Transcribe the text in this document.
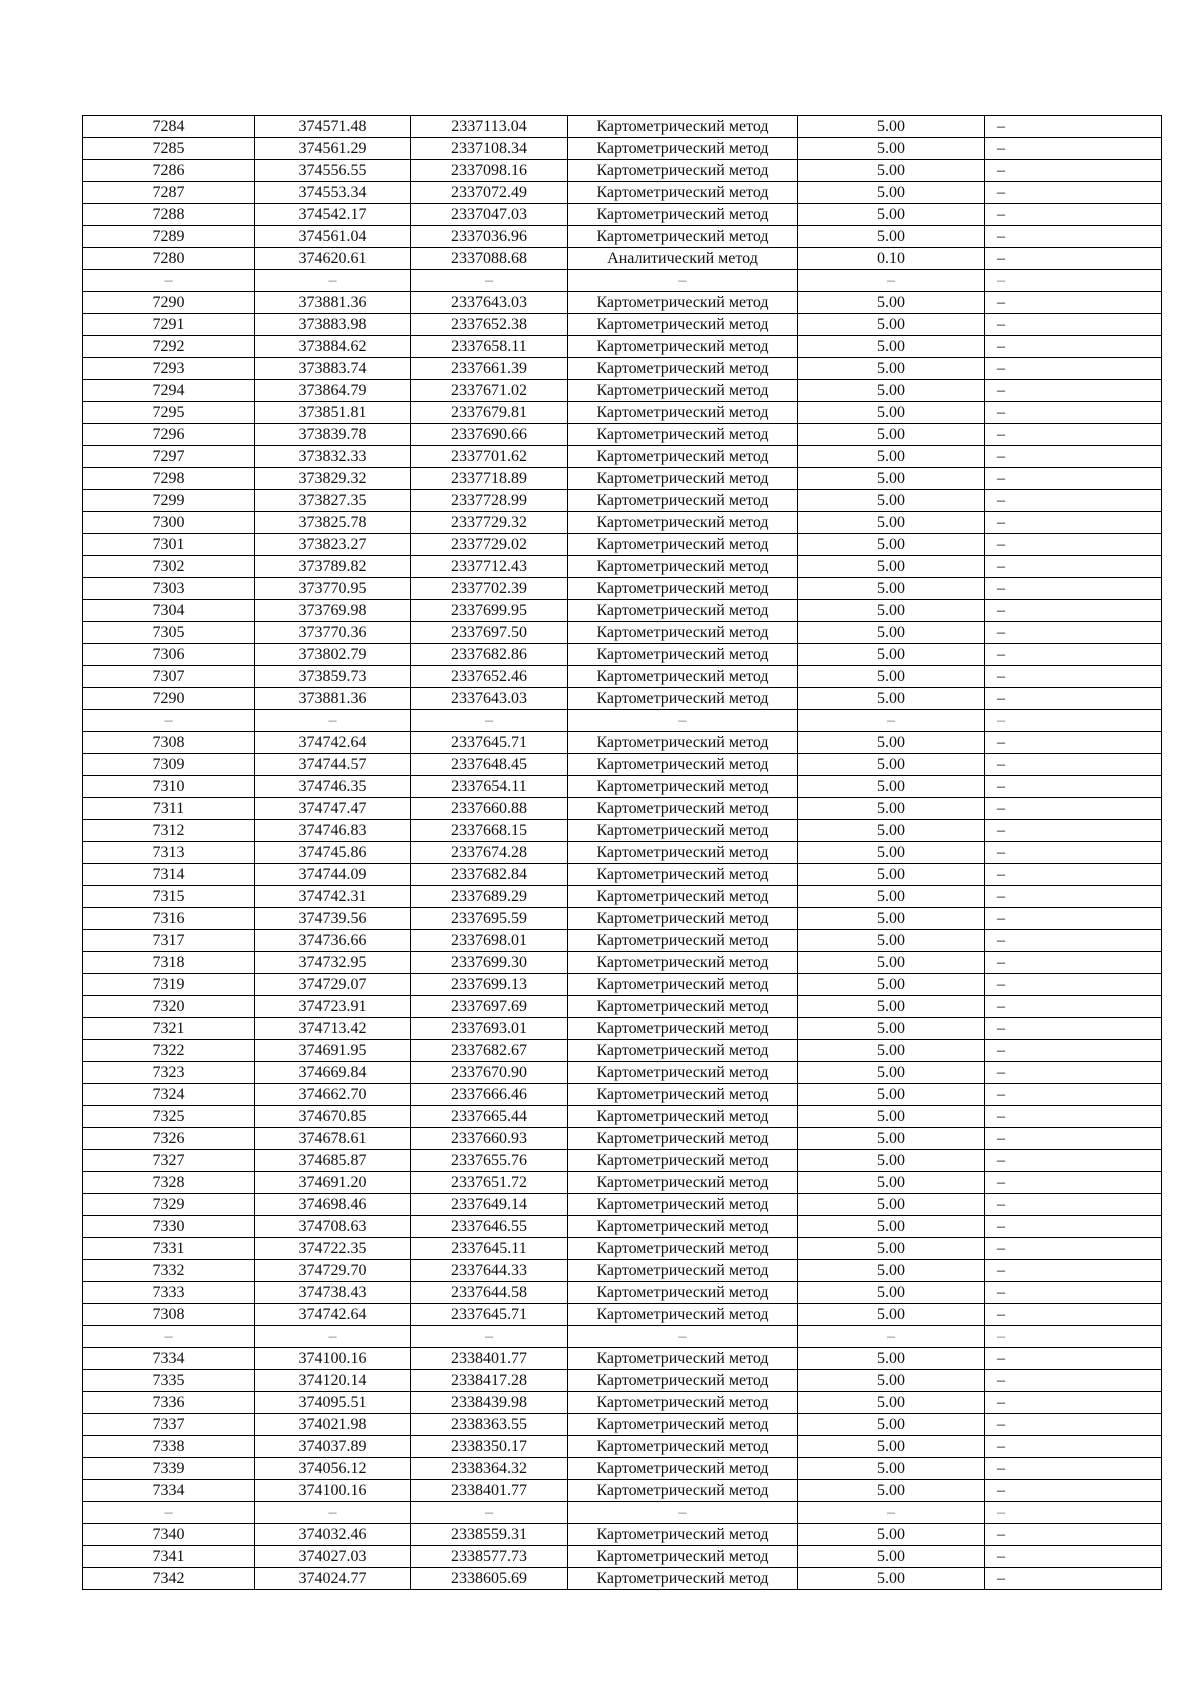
7284	374571.48	2337113.04	Картометрический метод	5.00	–
7285	374561.29	2337108.34	Картометрический метод	5.00	–
7286	374556.55	2337098.16	Картометрический метод	5.00	–
7287	374553.34	2337072.49	Картометрический метод	5.00	–
7288	374542.17	2337047.03	Картометрический метод	5.00	–
7289	374561.04	2337036.96	Картометрический метод	5.00	–
7280	374620.61	2337088.68	Аналитический метод	0.10	–
–	–	–	–	–	–
7290	373881.36	2337643.03	Картометрический метод	5.00	–
7291	373883.98	2337652.38	Картометрический метод	5.00	–
7292	373884.62	2337658.11	Картометрический метод	5.00	–
7293	373883.74	2337661.39	Картометрический метод	5.00	–
7294	373864.79	2337671.02	Картометрический метод	5.00	–
7295	373851.81	2337679.81	Картометрический метод	5.00	–
7296	373839.78	2337690.66	Картометрический метод	5.00	–
7297	373832.33	2337701.62	Картометрический метод	5.00	–
7298	373829.32	2337718.89	Картометрический метод	5.00	–
7299	373827.35	2337728.99	Картометрический метод	5.00	–
7300	373825.78	2337729.32	Картометрический метод	5.00	–
7301	373823.27	2337729.02	Картометрический метод	5.00	–
7302	373789.82	2337712.43	Картометрический метод	5.00	–
7303	373770.95	2337702.39	Картометрический метод	5.00	–
7304	373769.98	2337699.95	Картометрический метод	5.00	–
7305	373770.36	2337697.50	Картометрический метод	5.00	–
7306	373802.79	2337682.86	Картометрический метод	5.00	–
7307	373859.73	2337652.46	Картометрический метод	5.00	–
7290	373881.36	2337643.03	Картометрический метод	5.00	–
–	–	–	–	–	–
7308	374742.64	2337645.71	Картометрический метод	5.00	–
7309	374744.57	2337648.45	Картометрический метод	5.00	–
7310	374746.35	2337654.11	Картометрический метод	5.00	–
7311	374747.47	2337660.88	Картометрический метод	5.00	–
7312	374746.83	2337668.15	Картометрический метод	5.00	–
7313	374745.86	2337674.28	Картометрический метод	5.00	–
7314	374744.09	2337682.84	Картометрический метод	5.00	–
7315	374742.31	2337689.29	Картометрический метод	5.00	–
7316	374739.56	2337695.59	Картометрический метод	5.00	–
7317	374736.66	2337698.01	Картометрический метод	5.00	–
7318	374732.95	2337699.30	Картометрический метод	5.00	–
7319	374729.07	2337699.13	Картометрический метод	5.00	–
7320	374723.91	2337697.69	Картометрический метод	5.00	–
7321	374713.42	2337693.01	Картометрический метод	5.00	–
7322	374691.95	2337682.67	Картометрический метод	5.00	–
7323	374669.84	2337670.90	Картометрический метод	5.00	–
7324	374662.70	2337666.46	Картометрический метод	5.00	–
7325	374670.85	2337665.44	Картометрический метод	5.00	–
7326	374678.61	2337660.93	Картометрический метод	5.00	–
7327	374685.87	2337655.76	Картометрический метод	5.00	–
7328	374691.20	2337651.72	Картометрический метод	5.00	–
7329	374698.46	2337649.14	Картометрический метод	5.00	–
7330	374708.63	2337646.55	Картометрический метод	5.00	–
7331	374722.35	2337645.11	Картометрический метод	5.00	–
7332	374729.70	2337644.33	Картометрический метод	5.00	–
7333	374738.43	2337644.58	Картометрический метод	5.00	–
7308	374742.64	2337645.71	Картометрический метод	5.00	–
–	–	–	–	–	–
7334	374100.16	2338401.77	Картометрический метод	5.00	–
7335	374120.14	2338417.28	Картометрический метод	5.00	–
7336	374095.51	2338439.98	Картометрический метод	5.00	–
7337	374021.98	2338363.55	Картометрический метод	5.00	–
7338	374037.89	2338350.17	Картометрический метод	5.00	–
7339	374056.12	2338364.32	Картометрический метод	5.00	–
7334	374100.16	2338401.77	Картометрический метод	5.00	–
–	–	–	–	–	–
7340	374032.46	2338559.31	Картометрический метод	5.00	–
7341	374027.03	2338577.73	Картометрический метод	5.00	–
7342	374024.77	2338605.69	Картометрический метод	5.00	–
